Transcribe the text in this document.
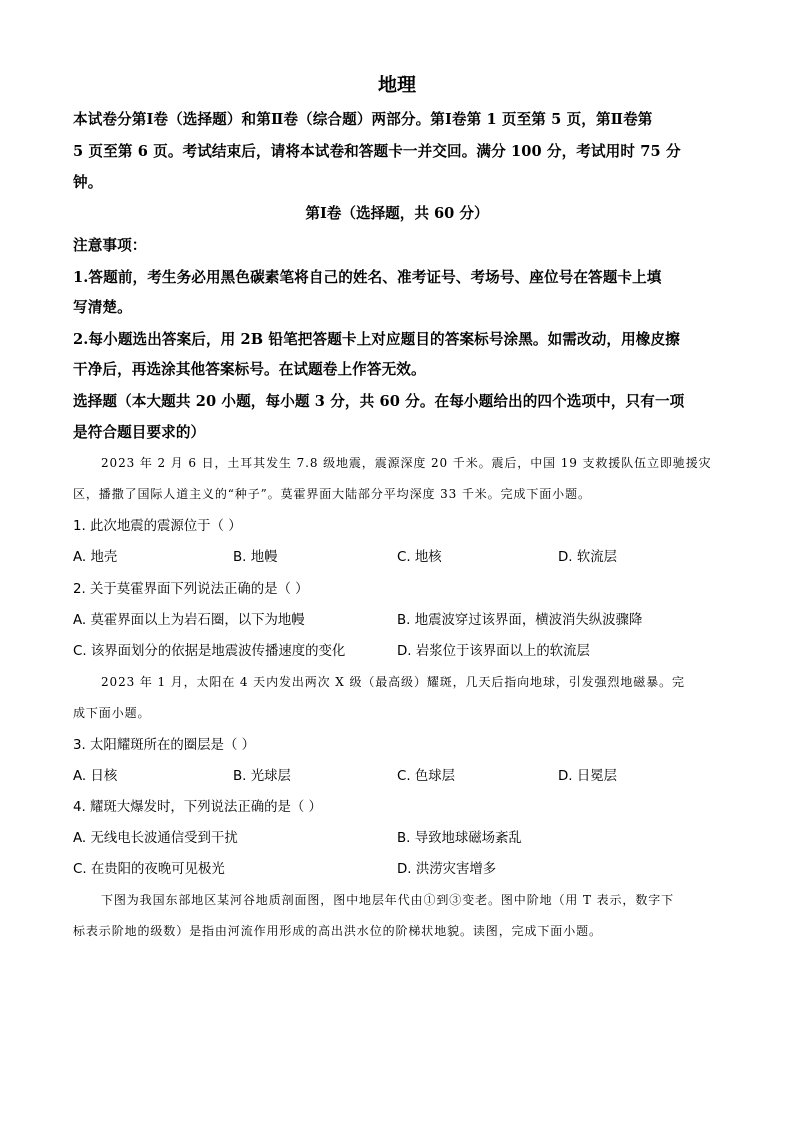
地理
本试卷分第Ⅰ卷（选择题）和第Ⅱ卷（综合题）两部分。第Ⅰ卷第 1 页至第 5 页，第Ⅱ卷第
5 页至第 6 页。考试结束后，请将本试卷和答题卡一并交回。满分 100 分，考试用时 75 分
钟。
第Ⅰ卷（选择题，共 60 分）
注意事项：
1.答题前，考生务必用黑色碳素笔将自己的姓名、准考证号、考场号、座位号在答题卡上填
写清楚。
2.每小题选出答案后，用 2B 铅笔把答题卡上对应题目的答案标号涂黑。如需改动，用橡皮擦
干净后，再选涂其他答案标号。在试题卷上作答无效。
选择题（本大题共 20 小题，每小题 3 分，共 60 分。在每小题给出的四个选项中，只有一项
是符合题目要求的）
2023 年 2 月 6 日，土耳其发生 7.8 级地震，震源深度 20 千米。震后，中国 19 支救援队伍立即驰援灾
区，播撒了国际人道主义的“种子”。莫霍界面大陆部分平均深度 33 千米。完成下面小题。
1. 此次地震的震源位于（ ）
A. 地壳	B. 地幔	C. 地核	D. 软流层
2. 关于莫霍界面下列说法正确的是（ ）
A. 莫霍界面以上为岩石圈，以下为地幔	B. 地震波穿过该界面，横波消失纵波骤降
C. 该界面划分的依据是地震波传播速度的变化	D. 岩浆位于该界面以上的软流层
2023 年 1 月，太阳在 4 天内发出两次 X 级（最高级）耀斑，几天后指向地球，引发强烈地磁暴。完
成下面小题。
3. 太阳耀斑所在的圈层是（ ）
A. 日核	B. 光球层	C. 色球层	D. 日冕层
4. 耀斑大爆发时，下列说法正确的是（ ）
A. 无线电长波通信受到干扰	B. 导致地球磁场紊乱
C. 在贵阳的夜晚可见极光	D. 洪涝灾害增多
下图为我国东部地区某河谷地质剖面图，图中地层年代由①到③变老。图中阶地（用 T 表示，数字下
标表示阶地的级数）是指由河流作用形成的高出洪水位的阶梯状地貌。读图，完成下面小题。
